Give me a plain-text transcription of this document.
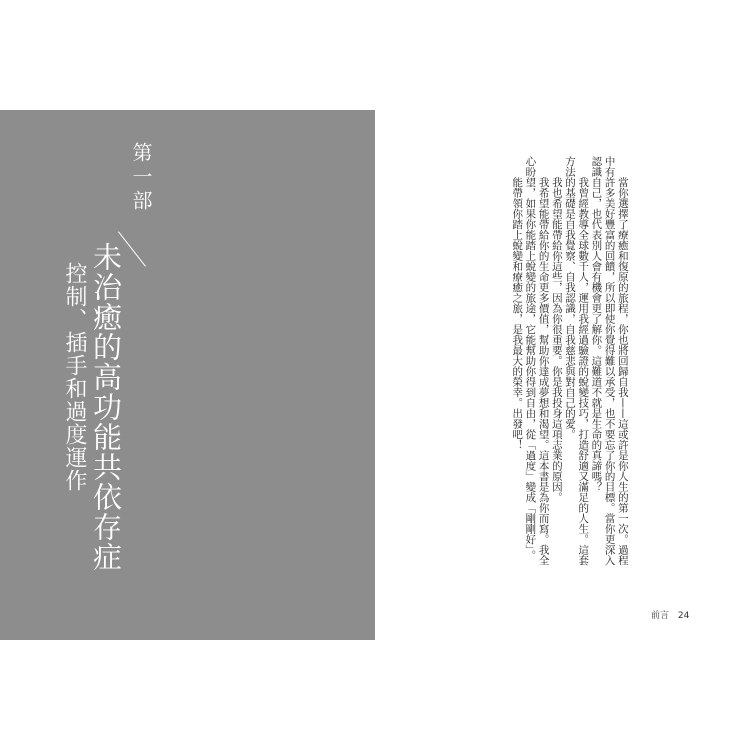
第一部
未治癒的高功能共依存症
控制、插手和過度運作	當你選擇了療癒和復原的旅程，你也將回歸自我——這或許是你人生的第一次。過程中有許多美好豐富的回饋，所以即使你覺得難以承受，也不要忘了你的目標。當你更深入認識自己，也代表別人會有機會更了解你。這難道不就是生命的真諦嗎？

我曾經教導全球數千人，運用我經過驗證的蛻變技巧，打造舒適又滿足的人生。這套方法的基礎是自我覺察、自我認識，自我慈悲與對自己的愛。

我也希望能帶給你這些，因為你很重要。你是我投身這項志業的原因。

我希望能帶給你的生命更多價值，幫助你達成夢想和渴望。這本書是為你而寫。我全心盼望，如果你能踏上蛻變的旅途，它能幫助你得到自由，從「過度」變成「剛剛好」。

能帶領你踏上蛻變和療癒之旅，是我最大的榮幸。出發吧！

前言 24
